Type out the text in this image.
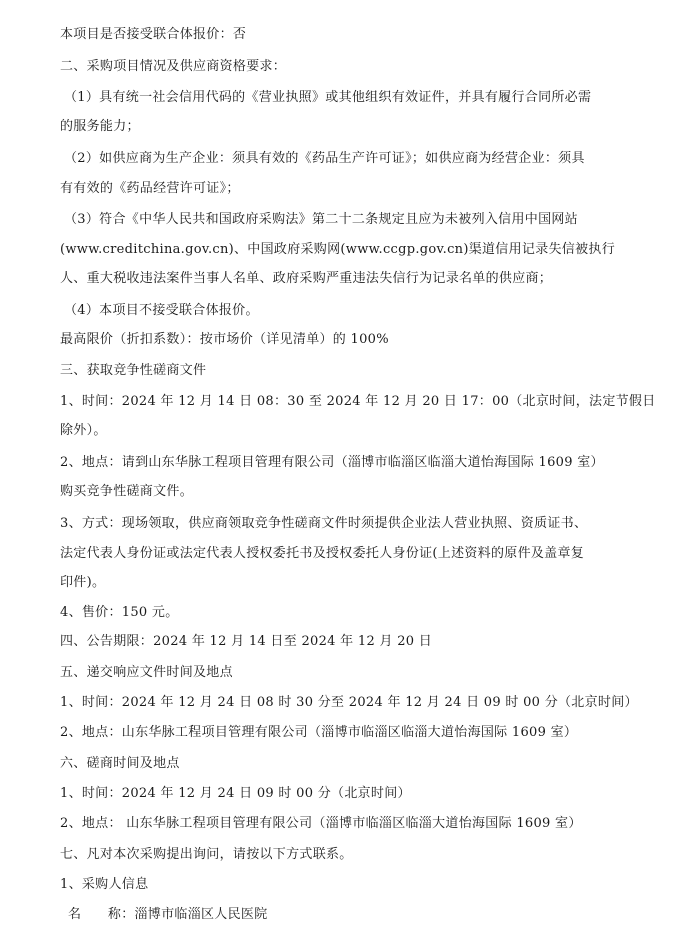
本项目是否接受联合体报价：否
二、采购项目情况及供应商资格要求：
（1）具有统一社会信用代码的《营业执照》或其他组织有效证件，并具有履行合同所必需
的服务能力；
（2）如供应商为生产企业：须具有效的《药品生产许可证》；如供应商为经营企业：须具
有有效的《药品经营许可证》；
（3）符合《中华人民共和国政府采购法》第二十二条规定且应为未被列入信用中国网站
(www.creditchina.gov.cn)、中国政府采购网(www.ccgp.gov.cn)渠道信用记录失信被执行
人、重大税收违法案件当事人名单、政府采购严重违法失信行为记录名单的供应商；
（4）本项目不接受联合体报价。
最高限价（折扣系数）：按市场价（详见清单）的 100%
三、获取竞争性磋商文件
1、时间：2024 年 12 月 14 日 08：30 至 2024 年 12 月 20 日 17：00（北京时间，法定节假日
除外）。
2、地点：请到山东华脉工程项目管理有限公司（淄博市临淄区临淄大道怡海国际 1609 室）
购买竞争性磋商文件。
3、方式：现场领取，供应商领取竞争性磋商文件时须提供企业法人营业执照、资质证书、
法定代表人身份证或法定代表人授权委托书及授权委托人身份证(上述资料的原件及盖章复
印件)。
4、售价：150 元。
四、公告期限：2024 年 12 月 14 日至 2024 年 12 月 20 日
五、递交响应文件时间及地点
1、时间：2024 年 12 月 24 日 08 时 30 分至 2024 年 12 月 24 日 09 时 00 分（北京时间）
2、地点：山东华脉工程项目管理有限公司（淄博市临淄区临淄大道怡海国际 1609 室）
六、磋商时间及地点
1、时间：2024 年 12 月 24 日 09 时 00 分（北京时间）
2、地点： 山东华脉工程项目管理有限公司（淄博市临淄区临淄大道怡海国际 1609 室）
七、凡对本次采购提出询问，请按以下方式联系。
1、采购人信息
名      称：淄博市临淄区人民医院
